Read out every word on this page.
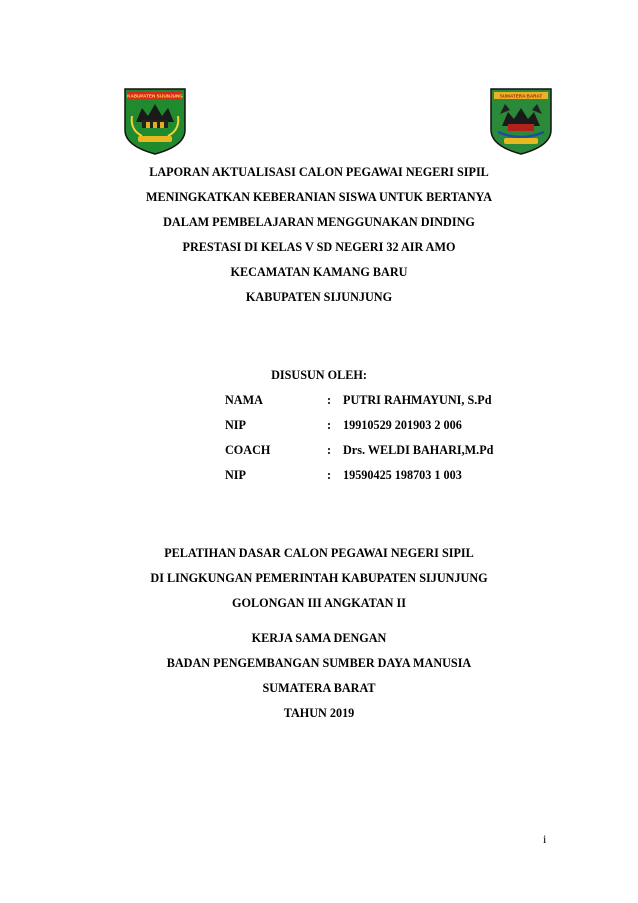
KABUPATEN SIJUNJUNG	SUMATERA BARAT
LAPORAN AKTUALISASI CALON PEGAWAI NEGERI SIPIL
MENINGKATKAN KEBERANIAN SISWA UNTUK BERTANYA
DALAM PEMBELAJARAN MENGGUNAKAN DINDING
PRESTASI DI KELAS V SD NEGERI 32 AIR AMO
KECAMATAN KAMANG BARU
KABUPATEN SIJUNJUNG
DISUSUN OLEH:
NAMA	: PUTRI RAHMAYUNI, S.Pd
NIP	: 19910529 201903 2 006
COACH	: Drs. WELDI BAHARI,M.Pd
NIP	: 19590425 198703 1 003
PELATIHAN DASAR CALON PEGAWAI NEGERI SIPIL
DI LINGKUNGAN PEMERINTAH KABUPATEN SIJUNJUNG
GOLONGAN III ANGKATAN II
KERJA SAMA DENGAN
BADAN PENGEMBANGAN SUMBER DAYA MANUSIA
SUMATERA BARAT
TAHUN 2019
i
